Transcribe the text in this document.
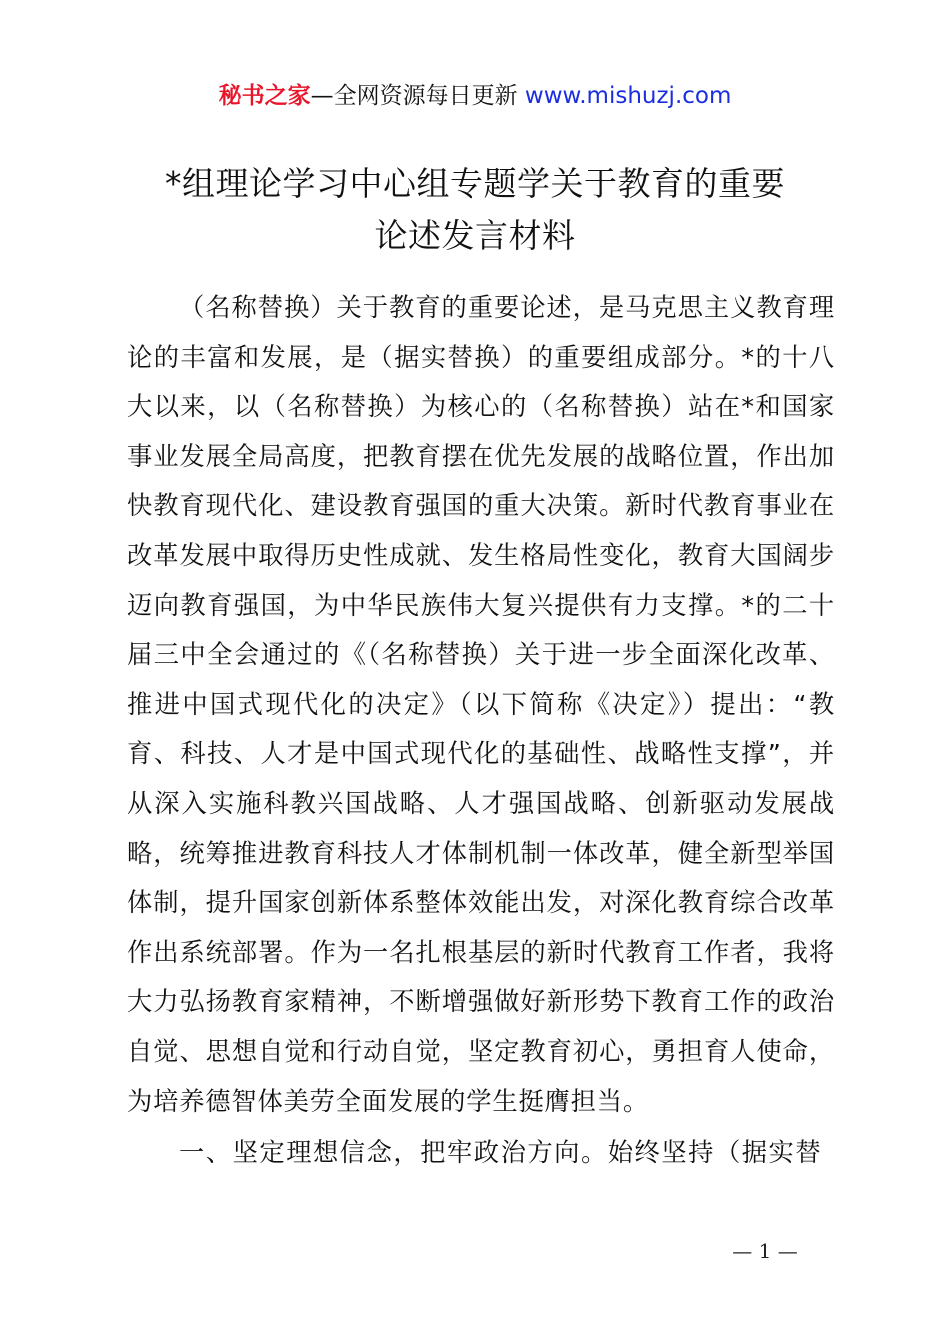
秘书之家—全网资源每日更新 www.mishuzj.com
*组理论学习中心组专题学关于教育的重要
论述发言材料

（名称替换）关于教育的重要论述，是马克思主义教育理论的丰富和发展，是（据实替换）的重要组成部分。*的十八大以来，以（名称替换）为核心的（名称替换）站在*和国家事业发展全局高度，把教育摆在优先发展的战略位置，作出加快教育现代化、建设教育强国的重大决策。新时代教育事业在改革发展中取得历史性成就、发生格局性变化，教育大国阔步迈向教育强国，为中华民族伟大复兴提供有力支撑。*的二十届三中全会通过的《（名称替换）关于进一步全面深化改革、推进中国式现代化的决定》（以下简称《决定》）提出：“教育、科技、人才是中国式现代化的基础性、战略性支撑”，并从深入实施科教兴国战略、人才强国战略、创新驱动发展战略，统筹推进教育科技人才体制机制一体改革，健全新型举国体制，提升国家创新体系整体效能出发，对深化教育综合改革作出系统部署。作为一名扎根基层的新时代教育工作者，我将大力弘扬教育家精神，不断增强做好新形势下教育工作的政治自觉、思想自觉和行动自觉，坚定教育初心，勇担育人使命，为培养德智体美劳全面发展的学生挺膺担当。

一、坚定理想信念，把牢政治方向。始终坚持（据实替

— 1 —
